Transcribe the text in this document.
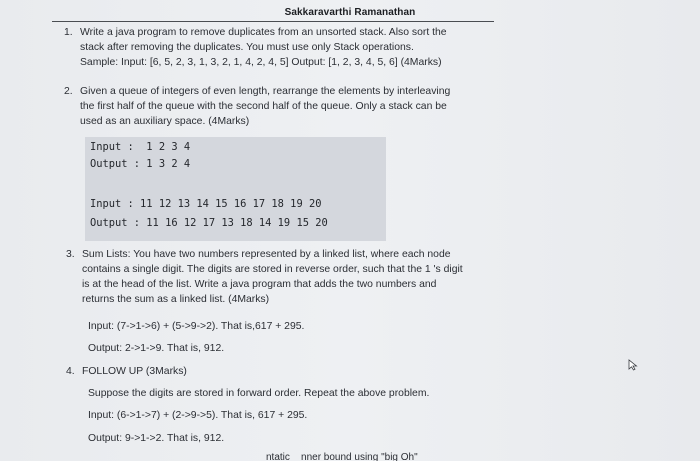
Sakkaravarthi Ramanathan
1. Write a java program to remove duplicates from an unsorted stack. Also sort the
stack after removing the duplicates. You must use only Stack operations.
Sample: Input: [6, 5, 2, 3, 1, 3, 2, 1, 4, 2, 4, 5] Output: [1, 2, 3, 4, 5, 6] (4Marks)
2. Given a queue of integers of even length, rearrange the elements by interleaving
the first half of the queue with the second half of the queue. Only a stack can be
used as an auxiliary space. (4Marks)
Input :  1 2 3 4
Output : 1 3 2 4
Input : 11 12 13 14 15 16 17 18 19 20
Output : 11 16 12 17 13 18 14 19 15 20
3. Sum Lists: You have two numbers represented by a linked list, where each node
contains a single digit. The digits are stored in reverse order, such that the 1 's digit
is at the head of the list. Write a java program that adds the two numbers and
returns the sum as a linked list. (4Marks)
Input: (7->1->6) + (5->9->2). That is,617 + 295.
Output: 2->1->9. That is, 912.
4. FOLLOW UP (3Marks)
Suppose the digits are stored in forward order. Repeat the above problem.
Input: (6->1->7) + (2->9->5). That is, 617 + 295.
Output: 9->1->2. That is, 912.
ntatic    nner bound using "big Oh"
